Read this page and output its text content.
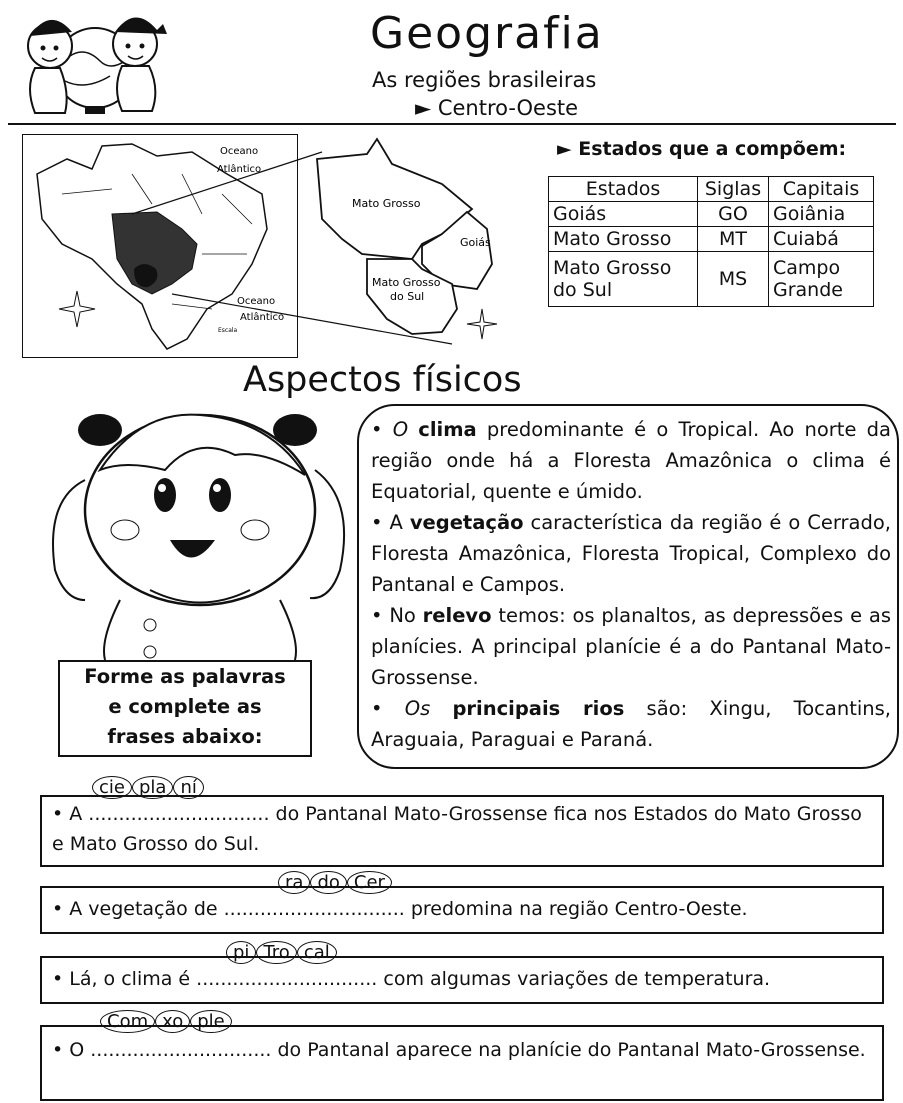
Geografia
As regiões brasileiras
► Centro-Oeste
Oceano
Atlântico
Oceano
Atlântico
Escala
Mato Grosso
Goiás
Mato Grosso
do Sul
► Estados que a compõem:
Estados	Siglas	Capitais
Goiás	GO	Goiânia
Mato Grosso	MT	Cuiabá
Mato Grosso do Sul	MS	Campo Grande
Aspectos físicos
Forme as palavras
e complete as
frases abaixo:

• O clima predominante é o Tropical. Ao norte da região onde há a Floresta Amazônica o clima é Equatorial, quente e úmido.

• A vegetação característica da região é o Cerrado, Floresta Amazônica, Floresta Tropical, Complexo do Pantanal e Campos.

• No relevo temos: os planaltos, as depressões e as planícies. A principal planície é a do Pantanal Mato-Grossense.

• Os principais rios são: Xingu, Tocantins, Araguaia, Paraguai e Paraná.

cie pla ní
• A .............................. do Pantanal Mato-Grossense fica nos Estados do Mato Grosso e Mato Grosso do Sul.
ra do Cer
• A vegetação de .............................. predomina na região Centro-Oeste.
pi Tro cal
• Lá, o clima é .............................. com algumas variações de temperatura.
Com xo ple
• O .............................. do Pantanal aparece na planície do Pantanal Mato-Grossense.
